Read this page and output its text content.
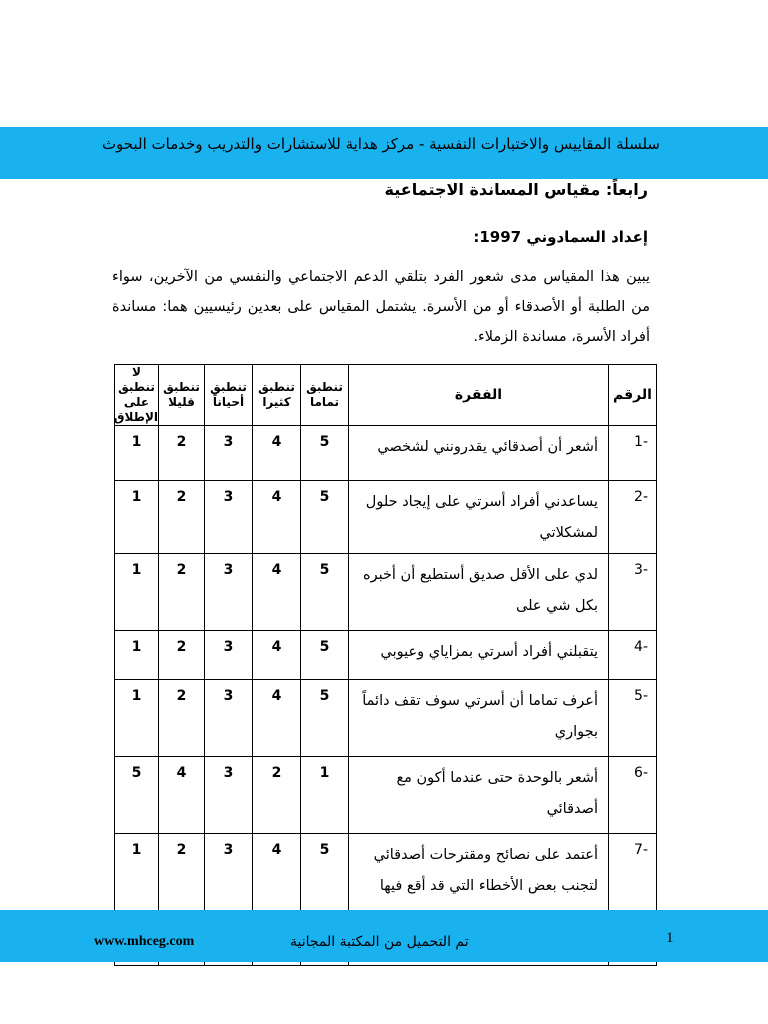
سلسلة المقاييس والاختبارات النفسية - مركز هداية للاستشارات والتدريب وخدمات البحوث
رابعاً: مقياس المساندة الاجتماعية
إعداد السمادوني 1997:
يبين هذا المقياس مدى شعور الفرد بتلقي الدعم الاجتماعي والنفسي من الآخرين، سواء من الطلبة أو الأصدقاء أو من الأسرة. يشتمل المقياس على بعدين رئيسيين هما: مساندة أفراد الأسرة، مساندة الزملاء.
الرقم	الفقرة	تنطبق تماما	تنطبق كثيرا	تنطبق أحياناً	تنطبق قليلا	لا تنطبق على الإطلاق
-1	أشعر أن أصدقائي يقدرونني لشخصي	5	4	3	2	1
-2	يساعدني أفراد أسرتي على إيجاد حلول لمشكلاتي	5	4	3	2	1
-3	لدي على الأقل صديق أستطيع أن أخبره بكل شي على	5	4	3	2	1
-4	يتقبلني أفراد أسرتي بمزاياي وعيوبي	5	4	3	2	1
-5	أعرف تماما أن أسرتي سوف تقف دائماً بجواري	5	4	3	2	1
-6	أشعر بالوحدة حتى عندما أكون مع أصدقائي	1	2	3	4	5
-7	أعتمد على نصائح ومقترحات أصدقائي لتجنب بعض الأخطاء التي قد أقع فيها	5	4	3	2	1

www.mhceg.com	تم التحميل من المكتبة المجانية	1
